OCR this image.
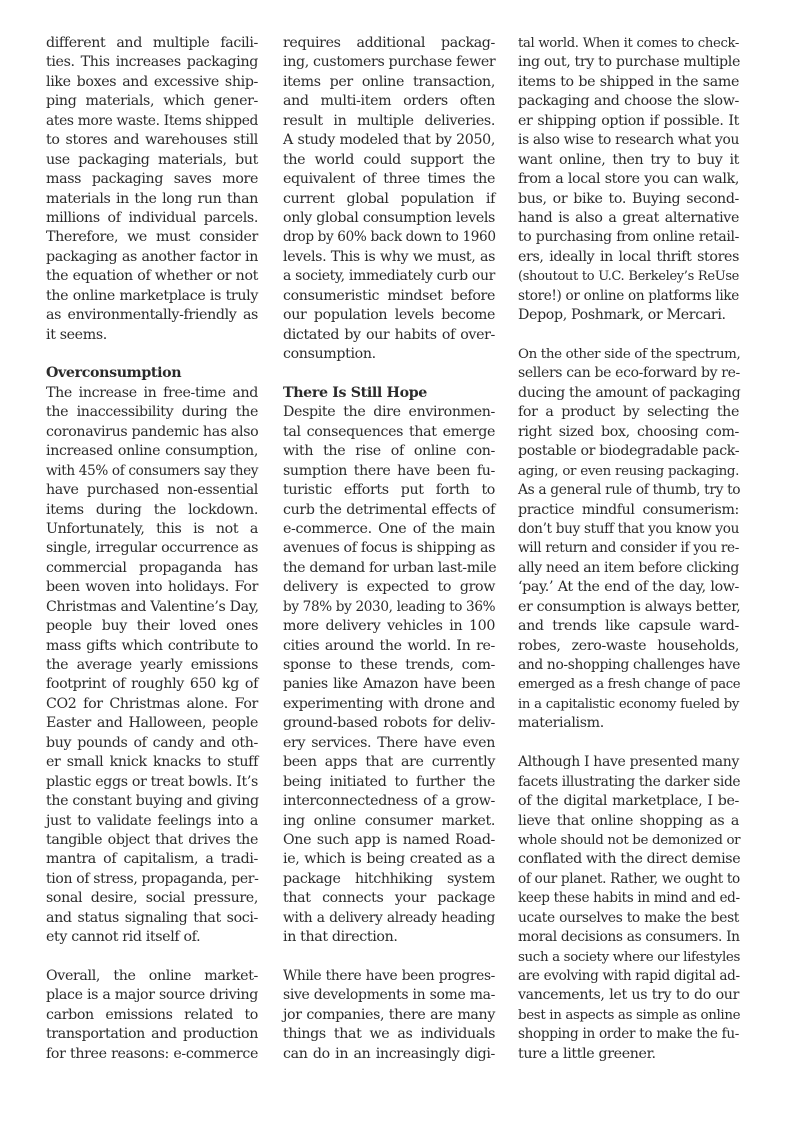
different and multiple facili-
ties. This increases packaging
like boxes and excessive ship-
ping materials, which gener-
ates more waste. Items shipped
to stores and warehouses still
use packaging materials, but
mass packaging saves more
materials in the long run than
millions of individual parcels.
Therefore, we must consider
packaging as another factor in
the equation of whether or not
the online marketplace is truly
as environmentally-friendly as
it seems.
Overconsumption
The increase in free-time and
the inaccessibility during the
coronavirus pandemic has also
increased online consumption,
with 45% of consumers say they
have purchased non-essential
items during the lockdown.
Unfortunately, this is not a
single, irregular occurrence as
commercial propaganda has
been woven into holidays. For
Christmas and Valentine’s Day,
people buy their loved ones
mass gifts which contribute to
the average yearly emissions
footprint of roughly 650 kg of
CO2 for Christmas alone. For
Easter and Halloween, people
buy pounds of candy and oth-
er small knick knacks to stuff
plastic eggs or treat bowls. It’s
the constant buying and giving
just to validate feelings into a
tangible object that drives the
mantra of capitalism, a tradi-
tion of stress, propaganda, per-
sonal desire, social pressure,
and status signaling that soci-
ety cannot rid itself of.
Overall, the online market-
place is a major source driving
carbon emissions related to
transportation and production
for three reasons: e-commerce
requires additional packag-
ing, customers purchase fewer
items per online transaction,
and multi-item orders often
result in multiple deliveries.
A study modeled that by 2050,
the world could support the
equivalent of three times the
current global population if
only global consumption levels
drop by 60% back down to 1960
levels. This is why we must, as
a society, immediately curb our
consumeristic mindset before
our population levels become
dictated by our habits of over-
consumption.
There Is Still Hope
Despite the dire environmen-
tal consequences that emerge
with the rise of online con-
sumption there have been fu-
turistic efforts put forth to
curb the detrimental effects of
e-commerce. One of the main
avenues of focus is shipping as
the demand for urban last-mile
delivery is expected to grow
by 78% by 2030, leading to 36%
more delivery vehicles in 100
cities around the world. In re-
sponse to these trends, com-
panies like Amazon have been
experimenting with drone and
ground-based robots for deliv-
ery services. There have even
been apps that are currently
being initiated to further the
interconnectedness of a grow-
ing online consumer market.
One such app is named Road-
ie, which is being created as a
package hitchhiking system
that connects your package
with a delivery already heading
in that direction.
While there have been progres-
sive developments in some ma-
jor companies, there are many
things that we as individuals
can do in an increasingly digi-
tal world. When it comes to check-
ing out, try to purchase multiple
items to be shipped in the same
packaging and choose the slow-
er shipping option if possible. It
is also wise to research what you
want online, then try to buy it
from a local store you can walk,
bus, or bike to. Buying second-
hand is also a great alternative
to purchasing from online retail-
ers, ideally in local thrift stores
(shoutout to U.C. Berkeley’s ReUse
store!) or online on platforms like
Depop, Poshmark, or Mercari.
On the other side of the spectrum,
sellers can be eco-forward by re-
ducing the amount of packaging
for a product by selecting the
right sized box, choosing com-
postable or biodegradable pack-
aging, or even reusing packaging.
As a general rule of thumb, try to
practice mindful consumerism:
don’t buy stuff that you know you
will return and consider if you re-
ally need an item before clicking
‘pay.’ At the end of the day, low-
er consumption is always better,
and trends like capsule ward-
robes, zero-waste households,
and no-shopping challenges have
emerged as a fresh change of pace
in a capitalistic economy fueled by
materialism.
Although I have presented many
facets illustrating the darker side
of the digital marketplace, I be-
lieve that online shopping as a
whole should not be demonized or
conflated with the direct demise
of our planet. Rather, we ought to
keep these habits in mind and ed-
ucate ourselves to make the best
moral decisions as consumers. In
such a society where our lifestyles
are evolving with rapid digital ad-
vancements, let us try to do our
best in aspects as simple as online
shopping in order to make the fu-
ture a little greener.
